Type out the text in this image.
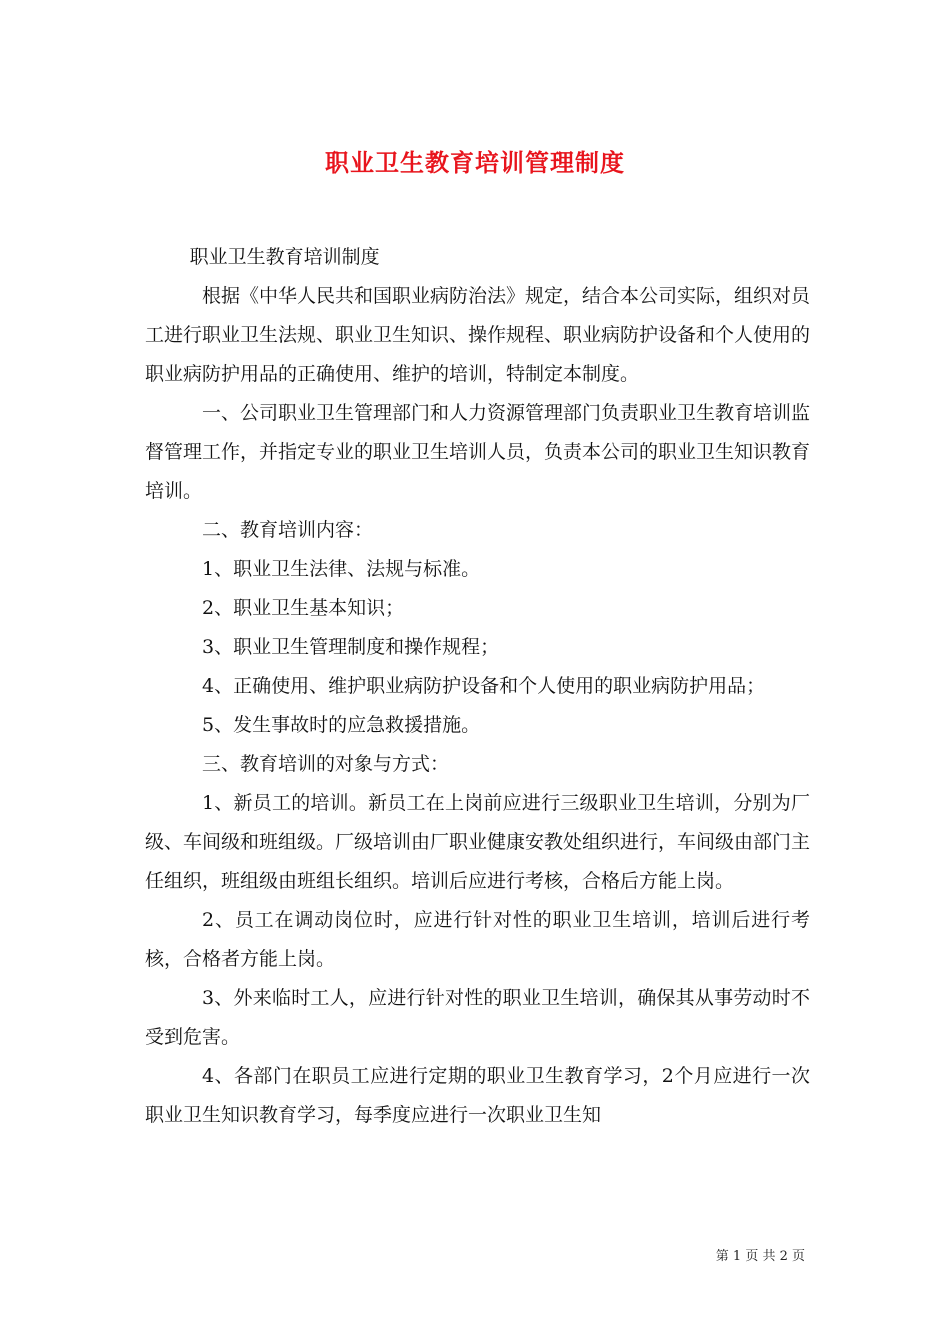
职业卫生教育培训管理制度

职业卫生教育培训制度

根据《中华人民共和国职业病防治法》规定，结合本公司实际，组织对员工进行职业卫生法规、职业卫生知识、操作规程、职业病防护设备和个人使用的职业病防护用品的正确使用、维护的培训，特制定本制度。

一、公司职业卫生管理部门和人力资源管理部门负责职业卫生教育培训监督管理工作，并指定专业的职业卫生培训人员，负责本公司的职业卫生知识教育培训。

二、教育培训内容：

1、职业卫生法律、法规与标准。

2、职业卫生基本知识；

3、职业卫生管理制度和操作规程；

4、正确使用、维护职业病防护设备和个人使用的职业病防护用品；

5、发生事故时的应急救援措施。

三、教育培训的对象与方式：

1、新员工的培训。新员工在上岗前应进行三级职业卫生培训，分别为厂级、车间级和班组级。厂级培训由厂职业健康安教处组织进行，车间级由部门主任组织，班组级由班组长组织。培训后应进行考核，合格后方能上岗。

2、员工在调动岗位时，应进行针对性的职业卫生培训，培训后进行考核，合格者方能上岗。

3、外来临时工人，应进行针对性的职业卫生培训，确保其从事劳动时不受到危害。

4、各部门在职员工应进行定期的职业卫生教育学习，2个月应进行一次职业卫生知识教育学习，每季度应进行一次职业卫生知

第 1 页 共 2 页
